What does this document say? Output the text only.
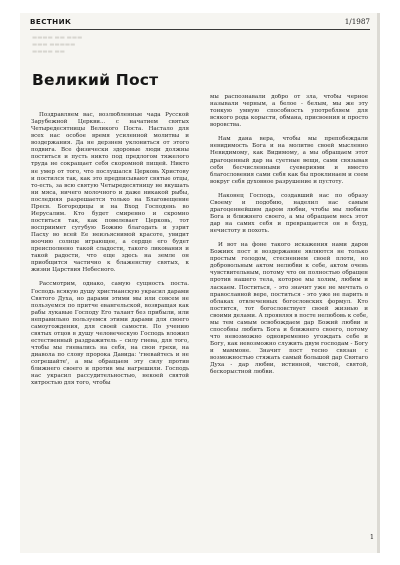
ВЕСТНИК	1/1987
▬▬▬▬ ▬▬ ▬▬▬
▬▬▬ ▬▬▬▬▬
▬▬▬▬ ▬▬
Великий Пост

Поздравляем вас, возлюбленные чада Русской Зарубежной Церкви... с начатием святых Четыредесятницы Великого Поста. Настало для всех нас особое время усиленной молитвы и воздержания. Да не дерзнем уклониться от этого подвига. Все физически здоровые люди должны поститься и пусть никто под предлогом тяжелого труда не сокращает себя скоромной пищей. Никто не умер от того, что послушался Церковь Христову и постился так, как это предписывают святые отцы, то-есть, за всю святую Четыредесятницу не вкушать ни мяса, ничего молочного и даже никакой рыбы, последняя разрешается только на Благовещение Пресв. Богородицы и на Вход Господень во Иерусалим. Кто будет смиренно и скромно поститься так, как повелевает Церковь, тот восприимет сугубую Божию благодать и узрит Пасху во всей Ее неизъяснимой красоте, увидит воочию солнце играющее, а сердце его будет преисполнено такой сладости, такого ликования и такой радости, что еще здесь на земле он приобщится частично к блаженству святых, к жизни Царствия Небесного.

Рассмотрим, однако, самую сущность поста. Господь всякую душу христианскую украсил дарами Святого Духа, но дарами этими мы или совсем не пользуемся по притче евангельской, возвращая как рабы лукавые Господу Его талант без прибыли, или неправильно пользуемся этими дарами для своего самоугождения, для своей самости. По учению святых отцов в душу человеческую Господь вложил естественный раздражитель – силу гнева, для того, чтобы мы гневались на себя, на свои грехи, на диавола по слову пророка Давида: 'гневайтесь и не согрешайте', а мы обращаем эту силу против ближнего своего и против мы нагрешили. Господь нас украсил рассудительностью, некоей святой хитростью для того, чтобы

мы распознавали добро от зла, чтобы черное называли черным, а белое - белым, мы же эту тонкую умную способность употребляем для всякого рода корысти, обмана, присвоения и просто воровства.

Нам дана вера, чтобы мы препобеждали невидимость Бога и на молитве своей мысленно Невидимому, как Видимому, а мы обращаем этот драгоценный дар на суетные вещи, сами связывая себя бесчисленными суевериями и вместо благословения сами себя как бы проклинаем и сеем вокруг себя духовное разрушение и пустоту.

Наконец Господь, создавший нас по образу Своему и подобию, наделил нас самым драгоценнейшим даром любви, чтобы мы любили Бога и ближнего своего, а мы обращаем весь этот дар на самих себя и превращается он в блуд, нечистоту и похоть.

И вот на фоне такого искажения нами даров Божиих пост и воздержание являются не только простым голодом, стеснением своей плоти, но добровольным актом нелюбви к себе, актом очень чувствительным, потому что он полностью обращен против нашего тела, которое мы холим, любим и ласкаем. Поститься, - это значит уже не мечтать о православной вере, поститься - это уже не парить в облаках отвлеченных богословских формул. Кто постится, тот богословствует своей жизнью и своими делами. А проявляя в посте нелюбовь к себе, мы тем самым освобождаем дар Божий любви и способны любить Бога и ближнего своего, потому что невозможно одновременно угождать себе и Богу, как невозможно служить двум господам - Богу и маммоне. Значит пост тесно связан с возможностью стяжать самый большой дар Святаго Духа - дар любви, истинной, чистой, святой, бескорыстной любви.

1
